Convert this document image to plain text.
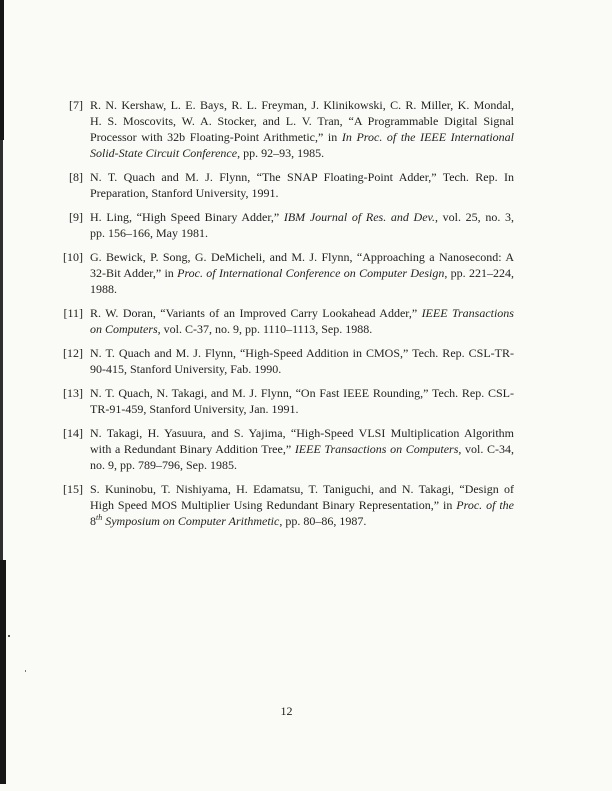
[7] R. N. Kershaw, L. E. Bays, R. L. Freyman, J. Klinikowski, C. R. Miller, K. Mondal,
H. S. Moscovits, W. A. Stocker, and L. V. Tran, “A Programmable Digital Signal
Processor with 32b Floating-Point Arithmetic,” in In Proc. of the IEEE International
Solid-State Circuit Conference, pp. 92–93, 1985.
[8] N. T. Quach and M. J. Flynn, “The SNAP Floating-Point Adder,” Tech. Rep. In
Preparation, Stanford University, 1991.
[9] H. Ling, “High Speed Binary Adder,” IBM Journal of Res. and Dev., vol. 25, no. 3,
pp. 156–166, May 1981.
[10] G. Bewick, P. Song, G. DeMicheli, and M. J. Flynn, “Approaching a Nanosecond: A
32-Bit Adder,” in Proc. of International Conference on Computer Design, pp. 221–224,
1988.
[11] R. W. Doran, “Variants of an Improved Carry Lookahead Adder,” IEEE Transactions
on Computers, vol. C-37, no. 9, pp. 1110–1113, Sep. 1988.
[12] N. T. Quach and M. J. Flynn, “High-Speed Addition in CMOS,” Tech. Rep. CSL-TR-
90-415, Stanford University, Fab. 1990.
[13] N. T. Quach, N. Takagi, and M. J. Flynn, “On Fast IEEE Rounding,” Tech. Rep. CSL-
TR-91-459, Stanford University, Jan. 1991.
[14] N. Takagi, H. Yasuura, and S. Yajima, “High-Speed VLSI Multiplication Algorithm
with a Redundant Binary Addition Tree,” IEEE Transactions on Computers, vol. C-34,
no. 9, pp. 789–796, Sep. 1985.
[15] S. Kuninobu, T. Nishiyama, H. Edamatsu, T. Taniguchi, and N. Takagi, “Design of
High Speed MOS Multiplier Using Redundant Binary Representation,” in Proc. of the
8th Symposium on Computer Arithmetic, pp. 80–86, 1987.
12
